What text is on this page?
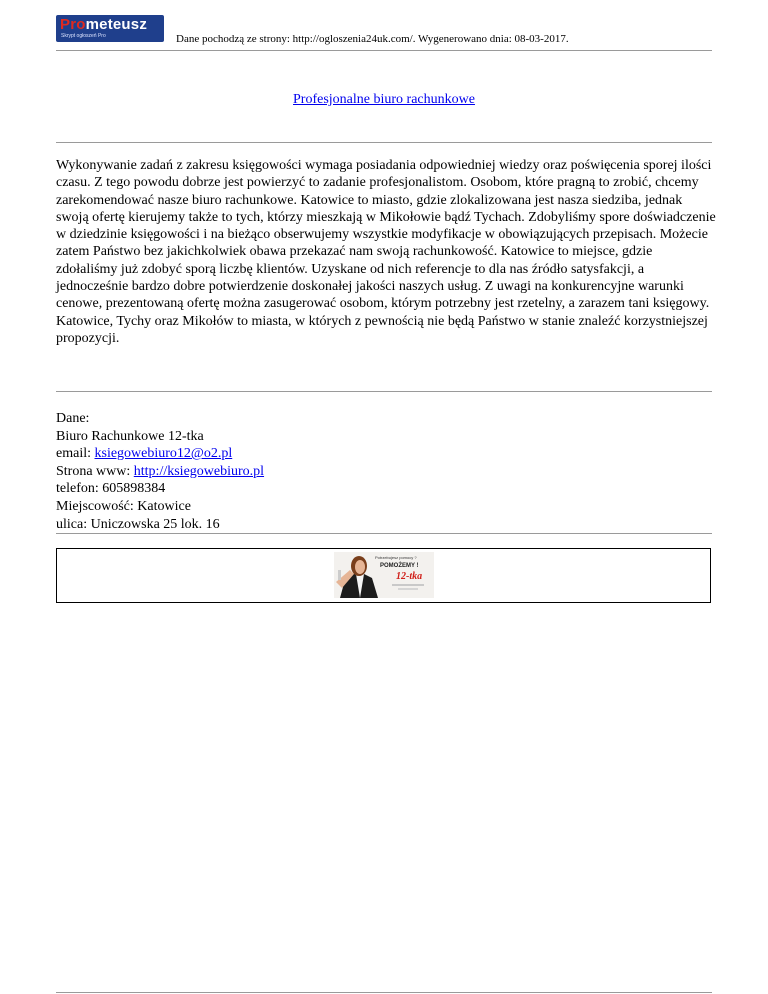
Prometeusz
Skrypt ogłoszeń Pro	Dane pochodzą ze strony: http://ogloszenia24uk.com/. Wygenerowano dnia: 08-03-2017.
Profesjonalne biuro rachunkowe
Wykonywanie zadań z zakresu księgowości wymaga posiadania odpowiedniej wiedzy oraz poświęcenia sporej ilości czasu. Z tego powodu dobrze jest powierzyć to zadanie profesjonalistom. Osobom, które pragną to zrobić, chcemy zarekomendować nasze biuro rachunkowe. Katowice to miasto, gdzie zlokalizowana jest nasza siedziba, jednak swoją ofertę kierujemy także to tych, którzy mieszkają w Mikołowie bądź Tychach. Zdobyliśmy spore doświadczenie w dziedzinie księgowości i na bieżąco obserwujemy wszystkie modyfikacje w obowiązujących przepisach. Możecie zatem Państwo bez jakichkolwiek obawa przekazać nam swoją rachunkowość. Katowice to miejsce, gdzie zdołaliśmy już zdobyć sporą liczbę klientów. Uzyskane od nich referencje to dla nas źródło satysfakcji, a jednocześnie bardzo dobre potwierdzenie doskonałej jakości naszych usług. Z uwagi na konkurencyjne warunki cenowe, prezentowaną ofertę można zasugerować osobom, którym potrzebny jest rzetelny, a zarazem tani księgowy. Katowice, Tychy oraz Mikołów to miasta, w których z pewnością nie będą Państwo w stanie znaleźć korzystniejszej propozycji.
Dane:
Biuro Rachunkowe 12-tka
email: ksiegowebiuro12@o2.pl
Strona www: http://ksiegowebiuro.pl
telefon: 605898384
Miejscowość: Katowice
ulica: Uniczowska 25 lok. 16
Potrzebujesz pomocy ?
POMOŻEMY !
12-tka
